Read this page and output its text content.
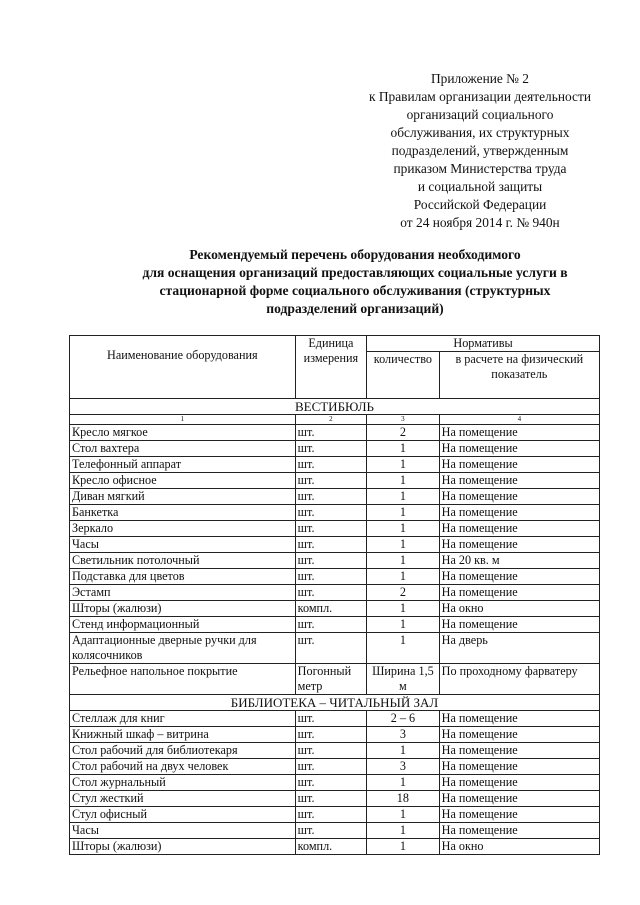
Приложение № 2
к Правилам организации деятельности
организаций социального
обслуживания, их структурных
подразделений, утвержденным
приказом Министерства труда
и социальной защиты
Российской Федерации
от 24 ноября 2014 г. № 940н
Рекомендуемый перечень оборудования необходимого
для оснащения организаций предоставляющих социальные услуги в
стационарной форме социального обслуживания (структурных
подразделений организаций)
Наименование оборудования	Единица измерения	Нормативы	
		количество	в расчете на физический показатель
ВЕСТИБЮЛЬ			
1	2	3	4
Кресло мягкое	шт.	2	На помещение
Стол вахтера	шт.	1	На помещение
Телефонный аппарат	шт.	1	На помещение
Кресло офисное	шт.	1	На помещение
Диван мягкий	шт.	1	На помещение
Банкетка	шт.	1	На помещение
Зеркало	шт.	1	На помещение
Часы	шт.	1	На помещение
Светильник потолочный	шт.	1	На 20 кв. м
Подставка для цветов	шт.	1	На помещение
Эстамп	шт.	2	На помещение
Шторы (жалюзи)	компл.	1	На окно
Стенд информационный	шт.	1	На помещение
Адаптационные дверные ручки для колясочников	шт.	1	На дверь
Рельефное напольное покрытие	Погонный метр	Ширина 1,5 м	По проходному фарватеру
БИБЛИОТЕКА – ЧИТАЛЬНЫЙ ЗАЛ			
Стеллаж для книг	шт.	2 – 6	На помещение
Книжный шкаф – витрина	шт.	3	На помещение
Стол рабочий для библиотекаря	шт.	1	На помещение
Стол рабочий на двух человек	шт.	3	На помещение
Стол журнальный	шт.	1	На помещение
Стул жесткий	шт.	18	На помещение
Стул офисный	шт.	1	На помещение
Часы	шт.	1	На помещение
Шторы (жалюзи)	компл.	1	На окно
